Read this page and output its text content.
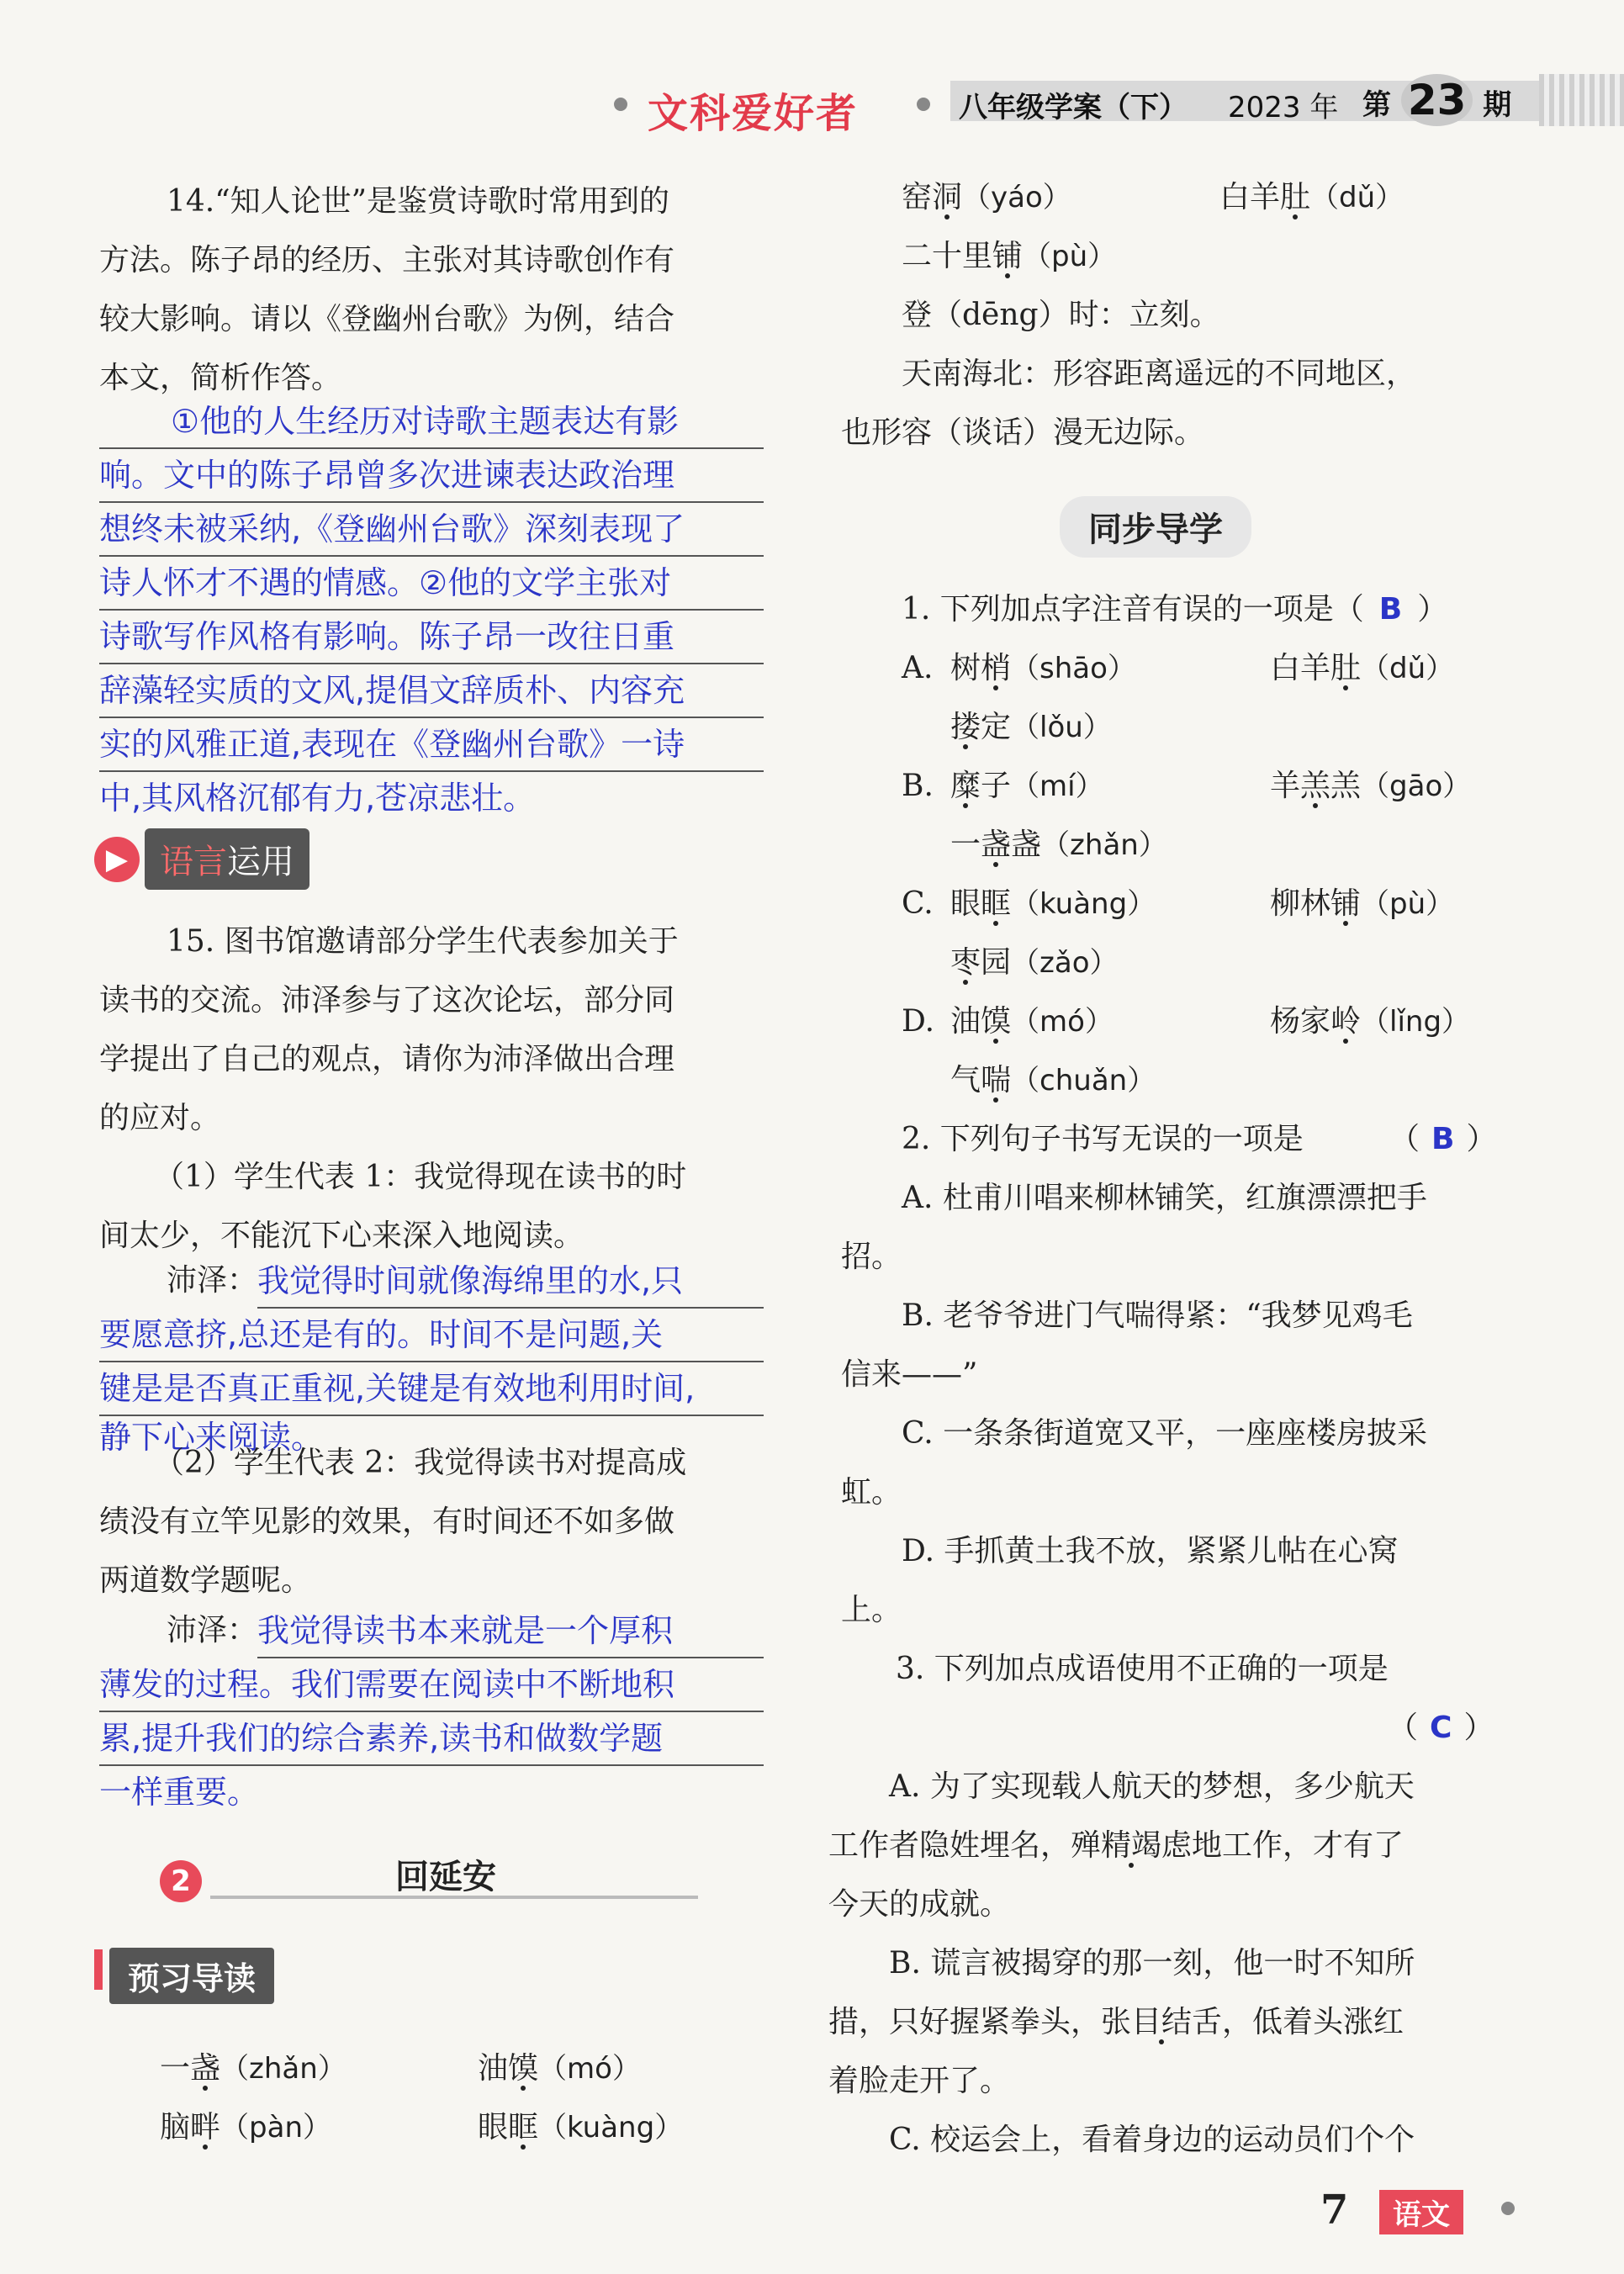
文科爱好者	八年级学案（下） 2023 年 第 23 期
14.“知人论世”是鉴赏诗歌时常用到的
方法。陈子昂的经历、主张对其诗歌创作有
较大影响。请以《登幽州台歌》为例，结合
本文，简析作答。
①他的人生经历对诗歌主题表达有影
响。文中的陈子昂曾多次进谏表达政治理
想终未被采纳,《登幽州台歌》深刻表现了
诗人怀才不遇的情感。②他的文学主张对
诗歌写作风格有影响。陈子昂一改往日重
辞藻轻实质的文风,提倡文辞质朴、内容充
实的风雅正道,表现在《登幽州台歌》一诗
中,其风格沉郁有力,苍凉悲壮。
▶ 语言运用
15. 图书馆邀请部分学生代表参加关于
读书的交流。沛泽参与了这次论坛，部分同
学提出了自己的观点，请你为沛泽做出合理
的应对。
（1）学生代表 1：我觉得现在读书的时
间太少，不能沉下心来深入地阅读。
沛泽： 我觉得时间就像海绵里的水,只
要愿意挤,总还是有的。时间不是问题,关
键是是否真正重视,关键是有效地利用时间,
静下心来阅读。
（2）学生代表 2：我觉得读书对提高成
绩没有立竿见影的效果，有时间还不如多做
两道数学题呢。
沛泽： 我觉得读书本来就是一个厚积
薄发的过程。我们需要在阅读中不断地积
累,提升我们的综合素养,读书和做数学题
一样重要。
2	回延安
预习导读
一盏（zhǎn）	油馍（mó）
脑畔（pàn）	眼眶（kuàng）
窑洞（yáo）	白羊肚（dǔ）
二十里铺（pù）
登（dēng）时：立刻。
天南海北：形容距离遥远的不同地区，
也形容（谈话）漫无边际。
同步导学
1. 下列加点字注音有误的一项是（ B ）
A. 树梢（shāo）	白羊肚（dǔ）
搂定（lǒu）
B. 糜子（mí）	羊羔羔（gāo）
一盏盏（zhǎn）
C. 眼眶（kuàng）	柳林铺（pù）
枣园（zǎo）
D. 油馍（mó）	杨家岭（lǐng）
气喘（chuǎn）
2. 下列句子书写无误的一项是	（ B ）
A. 杜甫川唱来柳林铺笑，红旗漂漂把手
招。
B. 老爷爷进门气喘得紧：“我梦见鸡毛
信来——”
C. 一条条街道宽又平，一座座楼房披采
虹。
D. 手抓黄土我不放，紧紧儿帖在心窝
上。
3. 下列加点成语使用不正确的一项是
（ C ）
A. 为了实现载人航天的梦想，多少航天
工作者隐姓埋名，殚精竭虑地工作，才有了
今天的成就。
B. 谎言被揭穿的那一刻，他一时不知所
措，只好握紧拳头，张目结舌，低着头涨红
着脸走开了。
C. 校运会上，看着身边的运动员们个个
7	语文
